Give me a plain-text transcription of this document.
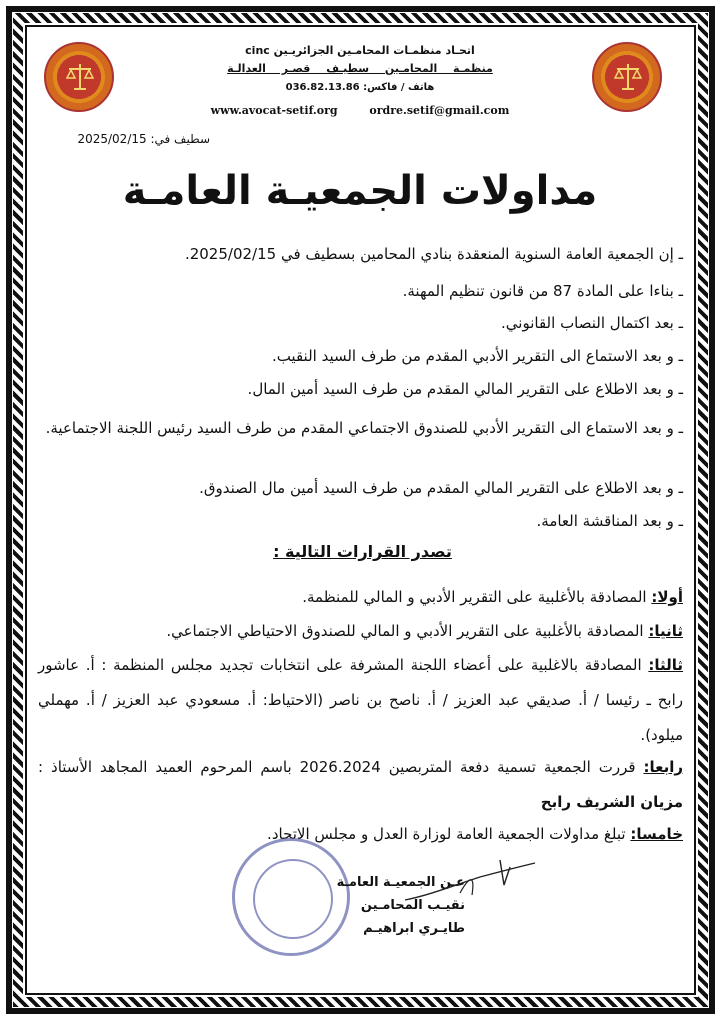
cinc اتحـاد منظمـات المحامـين الجزائريـين
منظمـة المحامـين سطيـف قصـر العدالـة
هاتف / فاكس: 036.82.13.86
www.avocat-setif.org ordre.setif@gmail.com
سطيف في: 2025/02/15
مداولات الجمعيـة العامـة
ـ إن الجمعية العامة السنوية المنعقدة بنادي المحامين بسطيف في 2025/02/15.
ـ بناءا على المادة 87 من قانون تنظيم المهنة.
ـ بعد اكتمال النصاب القانوني.
ـ و بعد الاستماع الى التقرير الأدبي المقدم من طرف السيد النقيب.
ـ و بعد الاطلاع على التقرير المالي المقدم من طرف السيد أمين المال.
ـ و بعد الاستماع الى التقرير الأدبي للصندوق الاجتماعي المقدم من طرف السيد رئيس اللجنة الاجتماعية.
ـ و بعد الاطلاع على التقرير المالي المقدم من طرف السيد أمين مال الصندوق.
ـ و بعد المناقشة العامة.
تصدر القرارات التالية :
أولا: المصادقة بالأغلبية على التقرير الأدبي و المالي للمنظمة.
ثانيا: المصادقة بالأغلبية على التقرير الأدبي و المالي للصندوق الاحتياطي الاجتماعي.
ثالثا: المصادقة بالاغلبية على أعضاء اللجنة المشرفة على انتخابات تجديد مجلس المنظمة : أ. عاشور رابح ـ رئيسا / أ. صديقي عبد العزيز / أ. ناصح بن ناصر (الاحتياط: أ. مسعودي عبد العزيز / أ. مهملي ميلود).
رابعا: قررت الجمعية تسمية دفعة المتربصين 2026.2024 باسم المرحوم العميد المجاهد الأستاذ : مزيان الشريف رابح
خامسا: تبلغ مداولات الجمعية العامة لوزارة العدل و مجلس الاتحاد.
عـن الجمعيـة العامـة
نقيـب المحامـين
طايـري ابراهيـم
